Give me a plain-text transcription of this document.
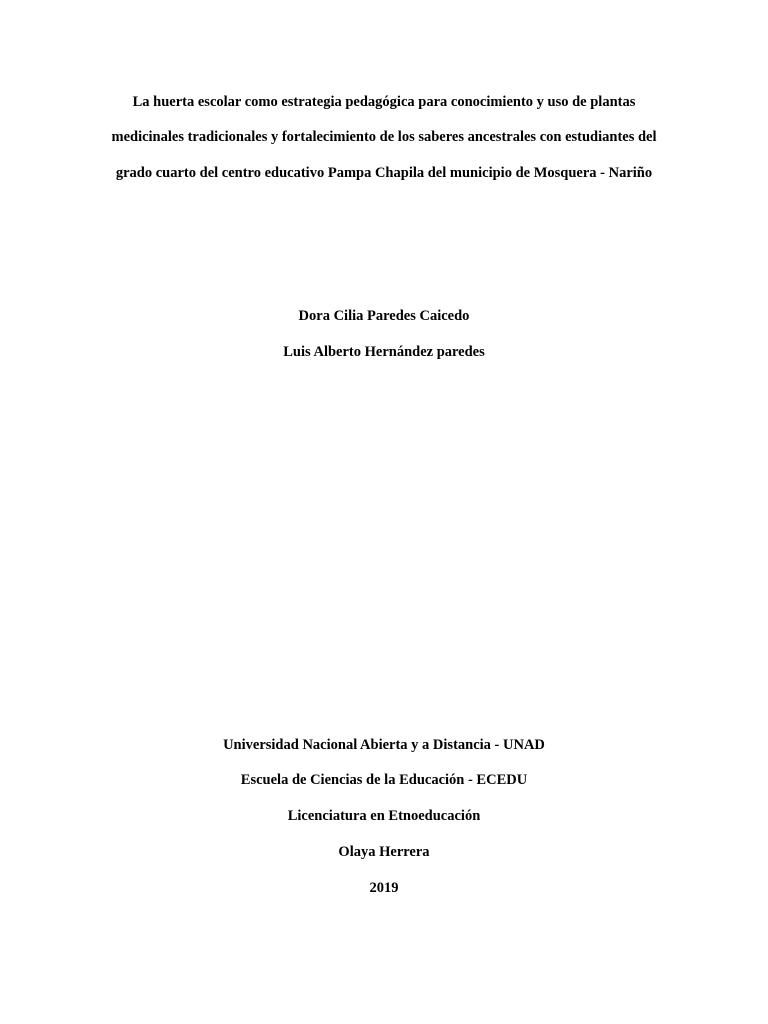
La huerta escolar como estrategia pedagógica para conocimiento y uso de plantas
medicinales tradicionales y fortalecimiento de los saberes ancestrales con estudiantes del
grado cuarto del centro educativo Pampa Chapila del municipio de Mosquera - Nariño
Dora Cilia Paredes Caicedo
Luis Alberto Hernández paredes
Universidad Nacional Abierta y a Distancia - UNAD
Escuela de Ciencias de la Educación - ECEDU
Licenciatura en Etnoeducación
Olaya Herrera
2019
